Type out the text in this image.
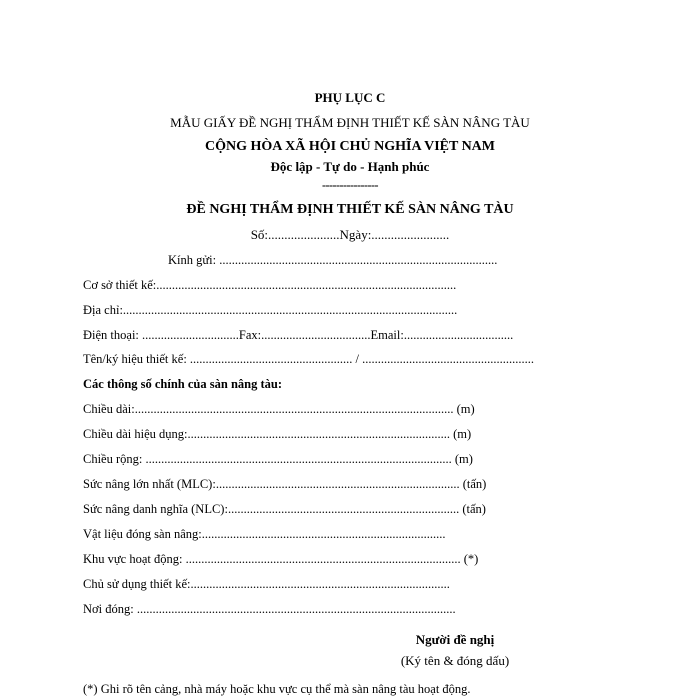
PHỤ LỤC C
MẪU GIẤY ĐỀ NGHỊ THẨM ĐỊNH THIẾT KẾ SÀN NÂNG TÀU
CỘNG HÒA XÃ HỘI CHỦ NGHĨA VIỆT NAM
Độc lập - Tự do - Hạnh phúc
----------------
ĐỀ NGHỊ THẨM ĐỊNH THIẾT KẾ SÀN NÂNG TÀU
Số:......................Ngày:........................
Kính gửi: .........................................................................................
Cơ sở thiết kế:................................................................................................
Địa chỉ:...........................................................................................................
Điện thoại: ...............................Fax:...................................Email:...................................
Tên/ký hiệu thiết kế: .................................................... / .......................................................
Các thông số chính của sàn nâng tàu:
Chiều dài:...................................................................................................... (m)
Chiều dài hiệu dụng:.................................................................................... (m)
Chiều rộng: .................................................................................................. (m)
Sức nâng lớn nhất (MLC):.............................................................................. (tấn)
Sức nâng danh nghĩa (NLC):.......................................................................... (tấn)
Vật liệu đóng sàn nâng:..............................................................................
Khu vực hoạt động: ........................................................................................ (*)
Chủ sử dụng thiết kế:...................................................................................
Nơi đóng: ......................................................................................................
Người đề nghị
(Ký tên & đóng dấu)
(*) Ghi rõ tên cảng, nhà máy hoặc khu vực cụ thể mà sàn nâng tàu hoạt động.
